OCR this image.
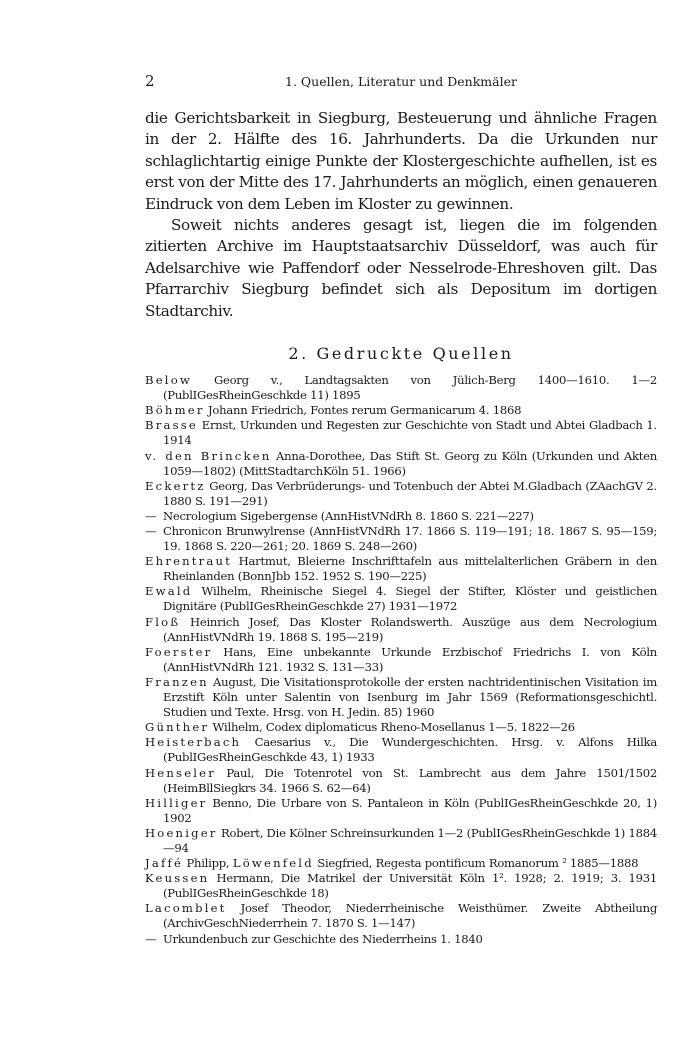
2	1. Quellen, Literatur und Denkmäler

die Gerichtsbarkeit in Siegburg, Besteuerung und ähnliche Fragen in der 2. Hälfte des 16. Jahrhunderts. Da die Urkunden nur schlaglichtartig einige Punkte der Klostergeschichte aufhellen, ist es erst von der Mitte des 17. Jahrhunderts an möglich, einen genaueren Eindruck von dem Leben im Kloster zu gewinnen.

Soweit nichts anderes gesagt ist, liegen die im folgenden zitierten Archive im Hauptstaatsarchiv Düsseldorf, was auch für Adelsarchive wie Paffendorf oder Nesselrode-Ehreshoven gilt. Das Pfarrarchiv Siegburg befindet sich als Depositum im dortigen Stadtarchiv.

2. Gedruckte Quellen
Below Georg v., Landtagsakten von Jülich-Berg 1400—1610. 1—2 (PublIGesRheinGeschkde 11) 1895
Böhmer Johann Friedrich, Fontes rerum Germanicarum 4. 1868
Brasse Ernst, Urkunden und Regesten zur Geschichte von Stadt und Abtei Gladbach 1. 1914
v. den Brincken Anna-Dorothee, Das Stift St. Georg zu Köln (Urkunden und Akten 1059—1802) (MittStadtarchKöln 51. 1966)
Eckertz Georg, Das Verbrüderungs- und Totenbuch der Abtei M.Gladbach (ZAachGV 2. 1880 S. 191—291)
— Necrologium Sigebergense (AnnHistVNdRh 8. 1860 S. 221—227)
— Chronicon Brunwylrense (AnnHistVNdRh 17. 1866 S. 119—191; 18. 1867 S. 95—159; 19. 1868 S. 220—261; 20. 1869 S. 248—260)
Ehrentraut Hartmut, Bleierne Inschrifttafeln aus mittelalterlichen Gräbern in den Rheinlanden (BonnJbb 152. 1952 S. 190—225)
Ewald Wilhelm, Rheinische Siegel 4. Siegel der Stifter, Klöster und geistlichen Dignitäre (PublIGesRheinGeschkde 27) 1931—1972
Floß Heinrich Josef, Das Kloster Rolandswerth. Auszüge aus dem Necrologium (AnnHistVNdRh 19. 1868 S. 195—219)
Foerster Hans, Eine unbekannte Urkunde Erzbischof Friedrichs I. von Köln (AnnHistVNdRh 121. 1932 S. 131—33)
Franzen August, Die Visitationsprotokolle der ersten nachtridentinischen Visitation im Erzstift Köln unter Salentin von Isenburg im Jahr 1569 (Reformationsgeschichtl. Studien und Texte. Hrsg. von H. Jedin. 85) 1960
Günther Wilhelm, Codex diplomaticus Rheno-Mosellanus 1—5. 1822—26
Heisterbach Caesarius v., Die Wundergeschichten. Hrsg. v. Alfons Hilka (PublIGesRheinGeschkde 43, 1) 1933
Henseler Paul, Die Totenrotel von St. Lambrecht aus dem Jahre 1501/1502 (HeimBllSiegkrs 34. 1966 S. 62—64)
Hilliger Benno, Die Urbare von S. Pantaleon in Köln (PublIGesRheinGeschkde 20, 1) 1902
Hoeniger Robert, Die Kölner Schreinsurkunden 1—2 (PublIGesRheinGeschkde 1) 1884—94
Jaffé Philipp, Löwenfeld Siegfried, Regesta pontificum Romanorum ² 1885—1888
Keussen Hermann, Die Matrikel der Universität Köln 1². 1928; 2. 1919; 3. 1931 (PublIGesRheinGeschkde 18)
Lacomblet Josef Theodor, Niederrheinische Weisthümer. Zweite Abtheilung (ArchivGeschNiederrhein 7. 1870 S. 1—147)
— Urkundenbuch zur Geschichte des Niederrheins 1. 1840
